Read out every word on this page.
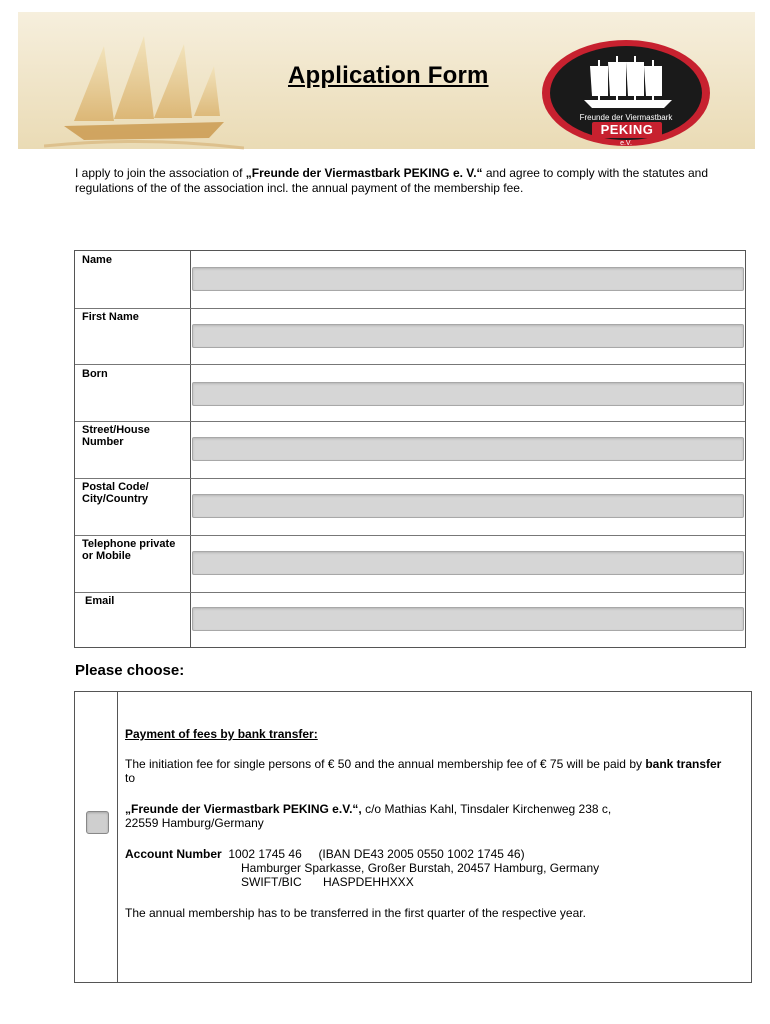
Application Form
Freunde der Viermastbark
PEKING
e.V.
I apply to join the association of „Freunde der Viermastbark PEKING e. V.“ and agree to comply with the statutes and regulations of the of the association incl. the annual payment of the membership fee.
Name
First Name
Born
Street/House Number
Postal Code/ City/Country
Telephone private or Mobile
Email
Please choose:
Payment of fees by bank transfer:
The initiation fee for single persons of € 50 and the annual membership fee of € 75 will be paid by bank transfer to
„Freunde der Viermastbark PEKING e.V.“, c/o Mathias Kahl, Tinsdaler Kirchenweg 238 c,
22559 Hamburg/Germany
Account Number 1002 1745 46 (IBAN DE43 2005 0550 1002 1745 46)
Hamburger Sparkasse, Großer Burstah, 20457 Hamburg, Germany
SWIFT/BIC HASPDEHHXXX
The annual membership has to be transferred in the first quarter of the respective year.
